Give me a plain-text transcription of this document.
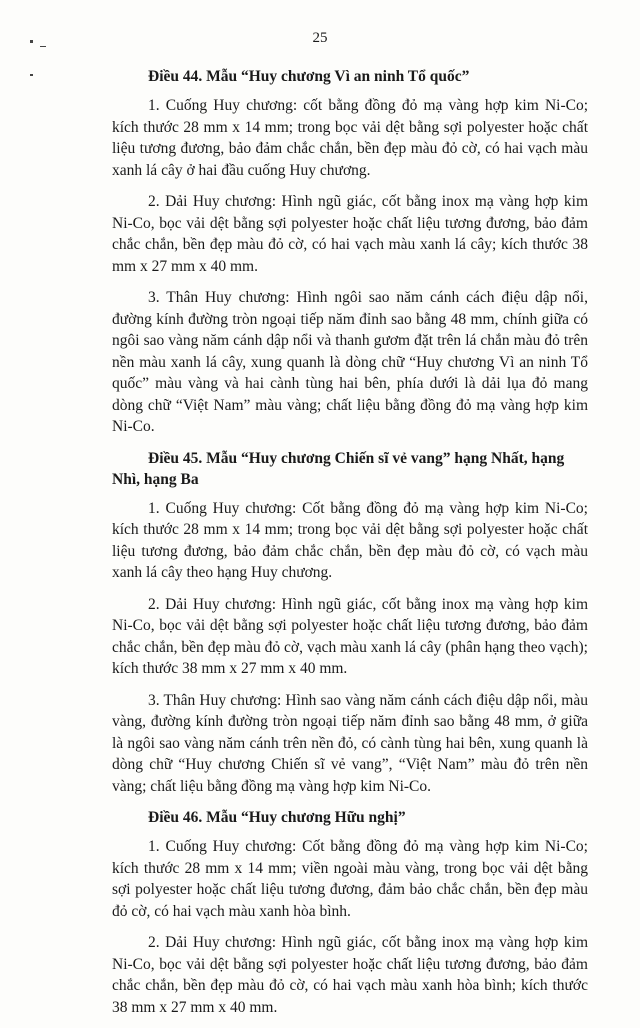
25
Điều 44. Mẫu “Huy chương Vì an ninh Tổ quốc”

1. Cuống Huy chương: cốt bằng đồng đỏ mạ vàng hợp kim Ni-Co; kích thước 28 mm x 14 mm; trong bọc vải dệt bằng sợi polyester hoặc chất liệu tương đương, bảo đảm chắc chắn, bền đẹp màu đỏ cờ, có hai vạch màu xanh lá cây ở hai đầu cuống Huy chương.

2. Dải Huy chương: Hình ngũ giác, cốt bằng inox mạ vàng hợp kim Ni-Co, bọc vải dệt bằng sợi polyester hoặc chất liệu tương đương, bảo đảm chắc chắn, bền đẹp màu đỏ cờ, có hai vạch màu xanh lá cây; kích thước 38 mm x 27 mm x 40 mm.

3. Thân Huy chương: Hình ngôi sao năm cánh cách điệu dập nổi, đường kính đường tròn ngoại tiếp năm đỉnh sao bằng 48 mm, chính giữa có ngôi sao vàng năm cánh dập nổi và thanh gươm đặt trên lá chắn màu đỏ trên nền màu xanh lá cây, xung quanh là dòng chữ “Huy chương Vì an ninh Tổ quốc” màu vàng và hai cành tùng hai bên, phía dưới là dải lụa đỏ mang dòng chữ “Việt Nam” màu vàng; chất liệu bằng đồng đỏ mạ vàng hợp kim Ni-Co.

Điều 45. Mẫu “Huy chương Chiến sĩ vẻ vang” hạng Nhất, hạng Nhì, hạng Ba

1. Cuống Huy chương: Cốt bằng đồng đỏ mạ vàng hợp kim Ni-Co; kích thước 28 mm x 14 mm; trong bọc vải dệt bằng sợi polyester hoặc chất liệu tương đương, bảo đảm chắc chắn, bền đẹp màu đỏ cờ, có vạch màu xanh lá cây theo hạng Huy chương.

2. Dải Huy chương: Hình ngũ giác, cốt bằng inox mạ vàng hợp kim Ni-Co, bọc vải dệt bằng sợi polyester hoặc chất liệu tương đương, bảo đảm chắc chắn, bền đẹp màu đỏ cờ, vạch màu xanh lá cây (phân hạng theo vạch); kích thước 38 mm x 27 mm x 40 mm.

3. Thân Huy chương: Hình sao vàng năm cánh cách điệu dập nổi, màu vàng, đường kính đường tròn ngoại tiếp năm đỉnh sao bằng 48 mm, ở giữa là ngôi sao vàng năm cánh trên nền đỏ, có cành tùng hai bên, xung quanh là dòng chữ “Huy chương Chiến sĩ vẻ vang”, “Việt Nam” màu đỏ trên nền vàng; chất liệu bằng đồng mạ vàng hợp kim Ni-Co.

Điều 46. Mẫu “Huy chương Hữu nghị”

1. Cuống Huy chương: Cốt bằng đồng đỏ mạ vàng hợp kim Ni-Co; kích thước 28 mm x 14 mm; viền ngoài màu vàng, trong bọc vải dệt bằng sợi polyester hoặc chất liệu tương đương, đảm bảo chắc chắn, bền đẹp màu đỏ cờ, có hai vạch màu xanh hòa bình.

2. Dải Huy chương: Hình ngũ giác, cốt bằng inox mạ vàng hợp kim Ni-Co, bọc vải dệt bằng sợi polyester hoặc chất liệu tương đương, bảo đảm chắc chắn, bền đẹp màu đỏ cờ, có hai vạch màu xanh hòa bình; kích thước 38 mm x 27 mm x 40 mm.
